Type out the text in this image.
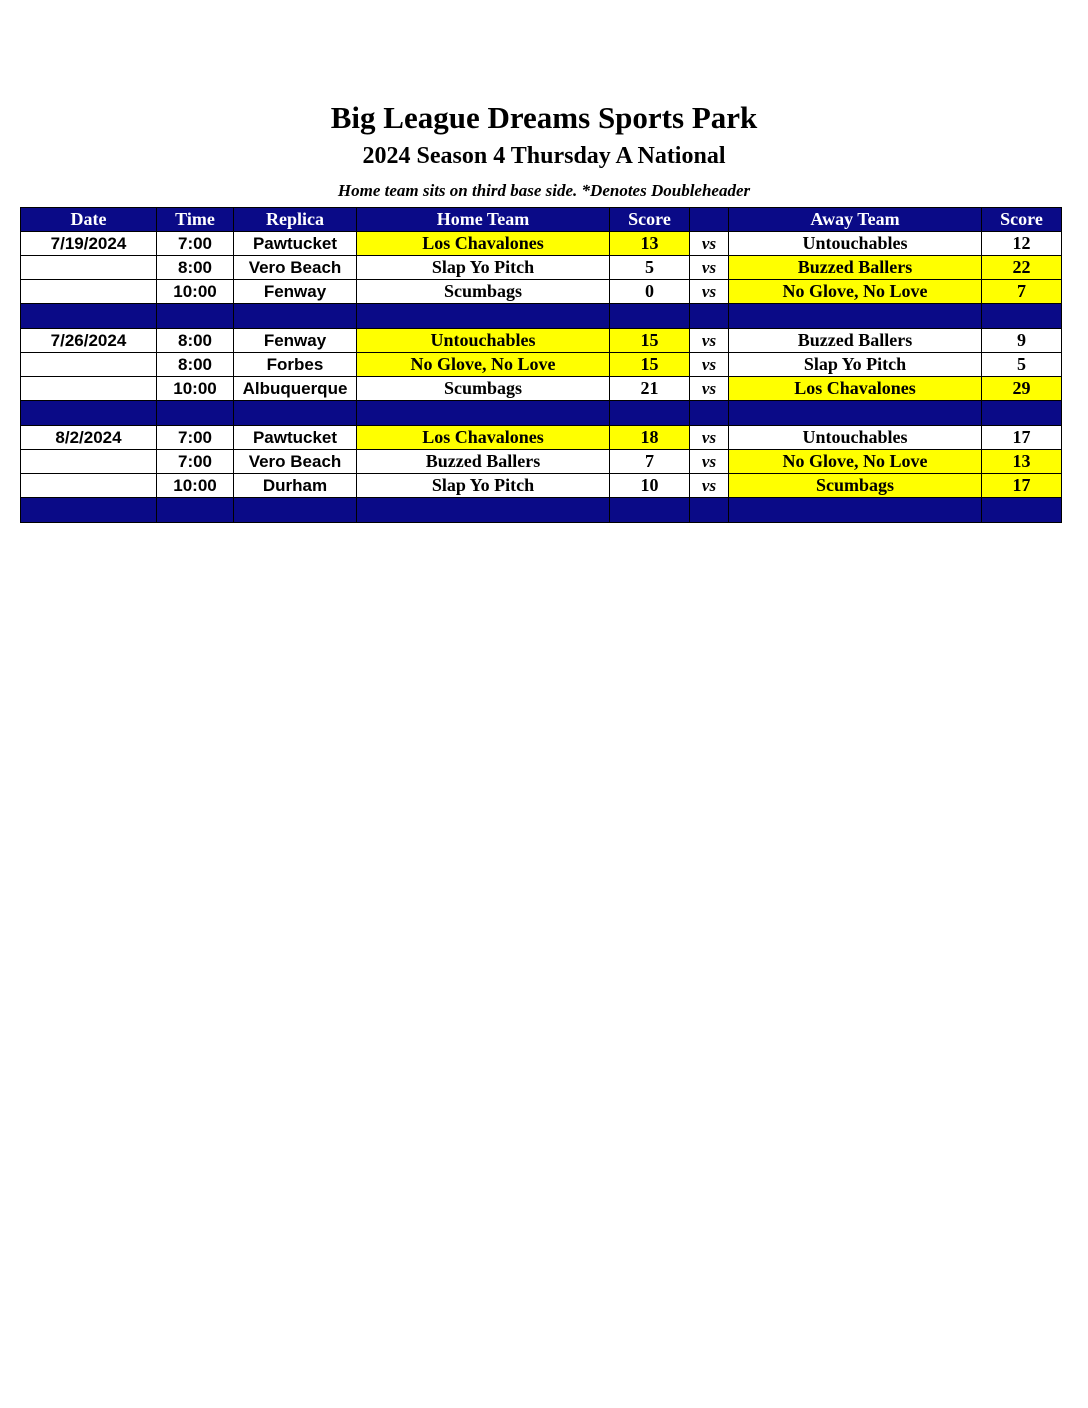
Big League Dreams Sports Park
2024 Season 4 Thursday A National
Home team sits on third base side. *Denotes Doubleheader
Date	Time	Replica	Home Team	Score		Away Team	Score
7/19/2024	7:00	Pawtucket	Los Chavalones	13	vs	Untouchables	12
	8:00	Vero Beach	Slap Yo Pitch	5	vs	Buzzed Ballers	22
	10:00	Fenway	Scumbags	0	vs	No Glove, No Love	7

7/26/2024	8:00	Fenway	Untouchables	15	vs	Buzzed Ballers	9
	8:00	Forbes	No Glove, No Love	15	vs	Slap Yo Pitch	5
	10:00	Albuquerque	Scumbags	21	vs	Los Chavalones	29

8/2/2024	7:00	Pawtucket	Los Chavalones	18	vs	Untouchables	17
	7:00	Vero Beach	Buzzed Ballers	7	vs	No Glove, No Love	13
	10:00	Durham	Slap Yo Pitch	10	vs	Scumbags	17
